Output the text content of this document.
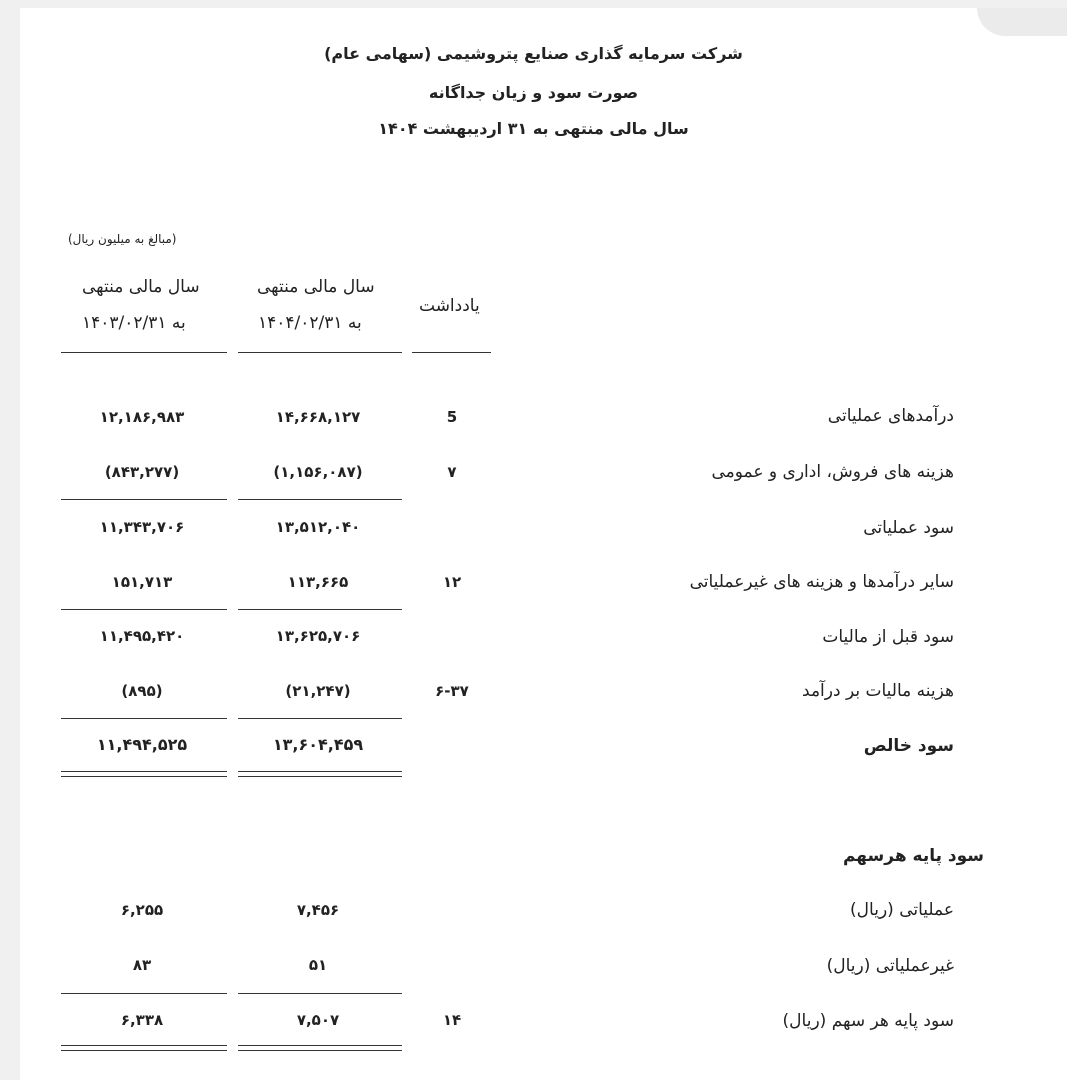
شرکت سرمایه گذاری صنایع پتروشیمی (سهامی عام)
صورت سود و زیان جداگانه
سال مالی منتهی به ۳۱ اردیبهشت ۱۴۰۴
(مبالغ به میلیون ریال)
سال مالی منتهی
به ۱۴۰۴/۰۲/۳۱
سال مالی منتهی
به ۱۴۰۳/۰۲/۳۱
یادداشت
درآمدهای عملیاتی
5
۱۴,۶۶۸,۱۲۷
۱۲,۱۸۶,۹۸۳
هزینه های فروش، اداری و عمومی
۷
(۱,۱۵۶,۰۸۷)
(۸۴۳,۲۷۷)
سود عملیاتی
۱۳,۵۱۲,۰۴۰
۱۱,۳۴۳,۷۰۶
سایر درآمدها و هزینه های غیرعملیاتی
۱۲
۱۱۳,۶۶۵
۱۵۱,۷۱۳
سود قبل از مالیات
۱۳,۶۲۵,۷۰۶
۱۱,۴۹۵,۴۲۰
هزینه مالیات بر درآمد
۶-۳۷
(۲۱,۲۴۷)
(۸۹۵)
سود خالص
۱۳,۶۰۴,۴۵۹
۱۱,۴۹۴,۵۲۵
سود پایه هرسهم
عملیاتی (ریال)
۷,۴۵۶
۶,۲۵۵
غیرعملیاتی (ریال)
۵۱
۸۳
سود پایه هر سهم (ریال)
۱۴
۷,۵۰۷
۶,۳۳۸
